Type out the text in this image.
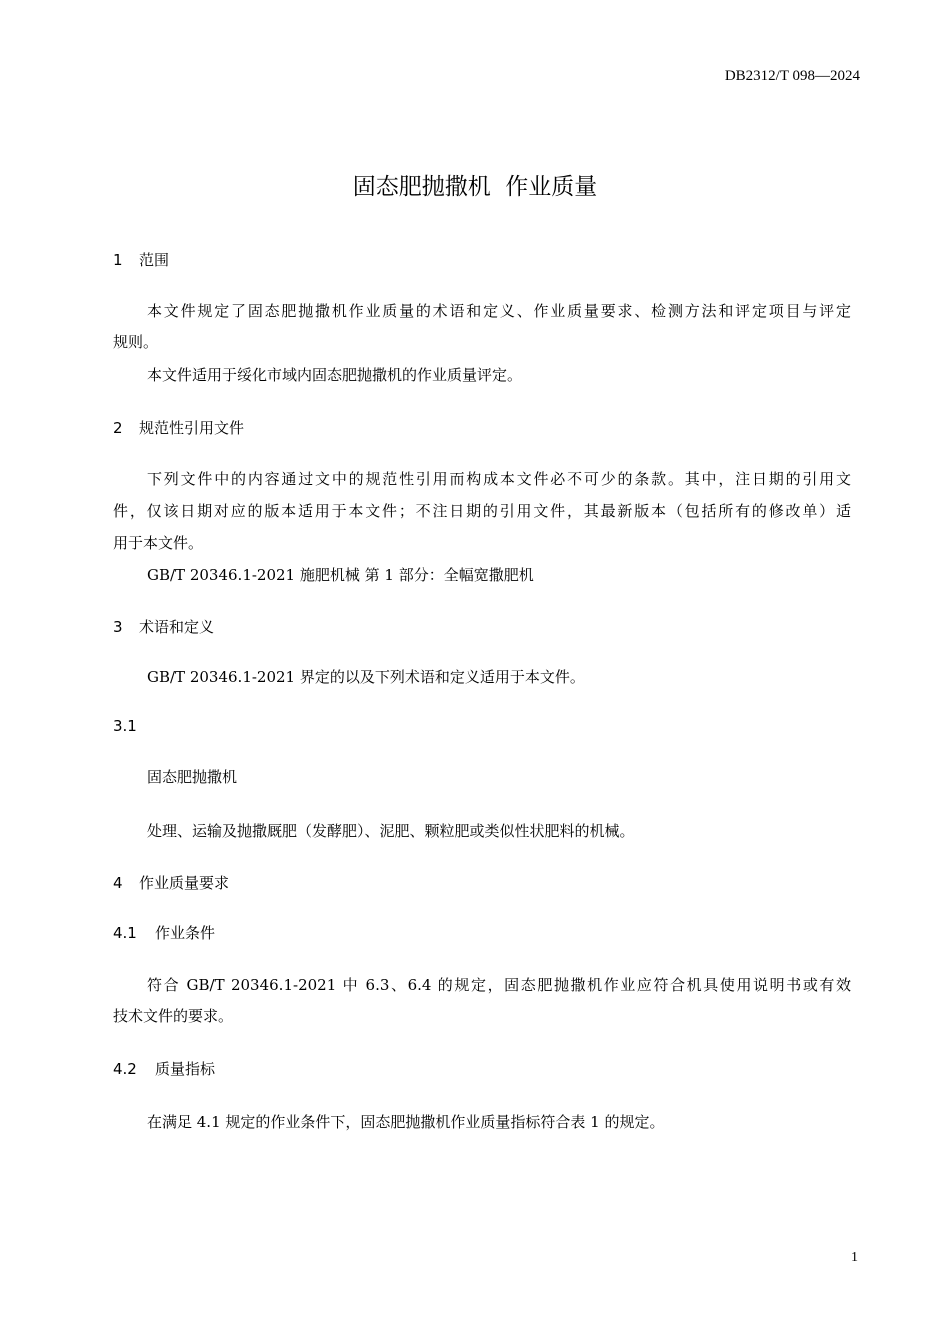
DB2312/T 098—2024
固态肥抛撒机  作业质量
1 范围
本文件规定了固态肥抛撒机作业质量的术语和定义、作业质量要求、检测方法和评定项目与评定
规则。
本文件适用于绥化市域内固态肥抛撒机的作业质量评定。
2 规范性引用文件
下列文件中的内容通过文中的规范性引用而构成本文件必不可少的条款。其中，注日期的引用文
件，仅该日期对应的版本适用于本文件；不注日期的引用文件，其最新版本（包括所有的修改单）适
用于本文件。
GB/T 20346.1-2021 施肥机械 第 1 部分：全幅宽撒肥机
3 术语和定义
GB/T 20346.1-2021 界定的以及下列术语和定义适用于本文件。
3.1
固态肥抛撒机
处理、运输及抛撒厩肥（发酵肥）、泥肥、颗粒肥或类似性状肥料的机械。
4 作业质量要求
4.1 作业条件
符合 GB/T 20346.1-2021 中 6.3、6.4 的规定，固态肥抛撒机作业应符合机具使用说明书或有效
技术文件的要求。
4.2 质量指标
在满足 4.1 规定的作业条件下，固态肥抛撒机作业质量指标符合表 1 的规定。
1
